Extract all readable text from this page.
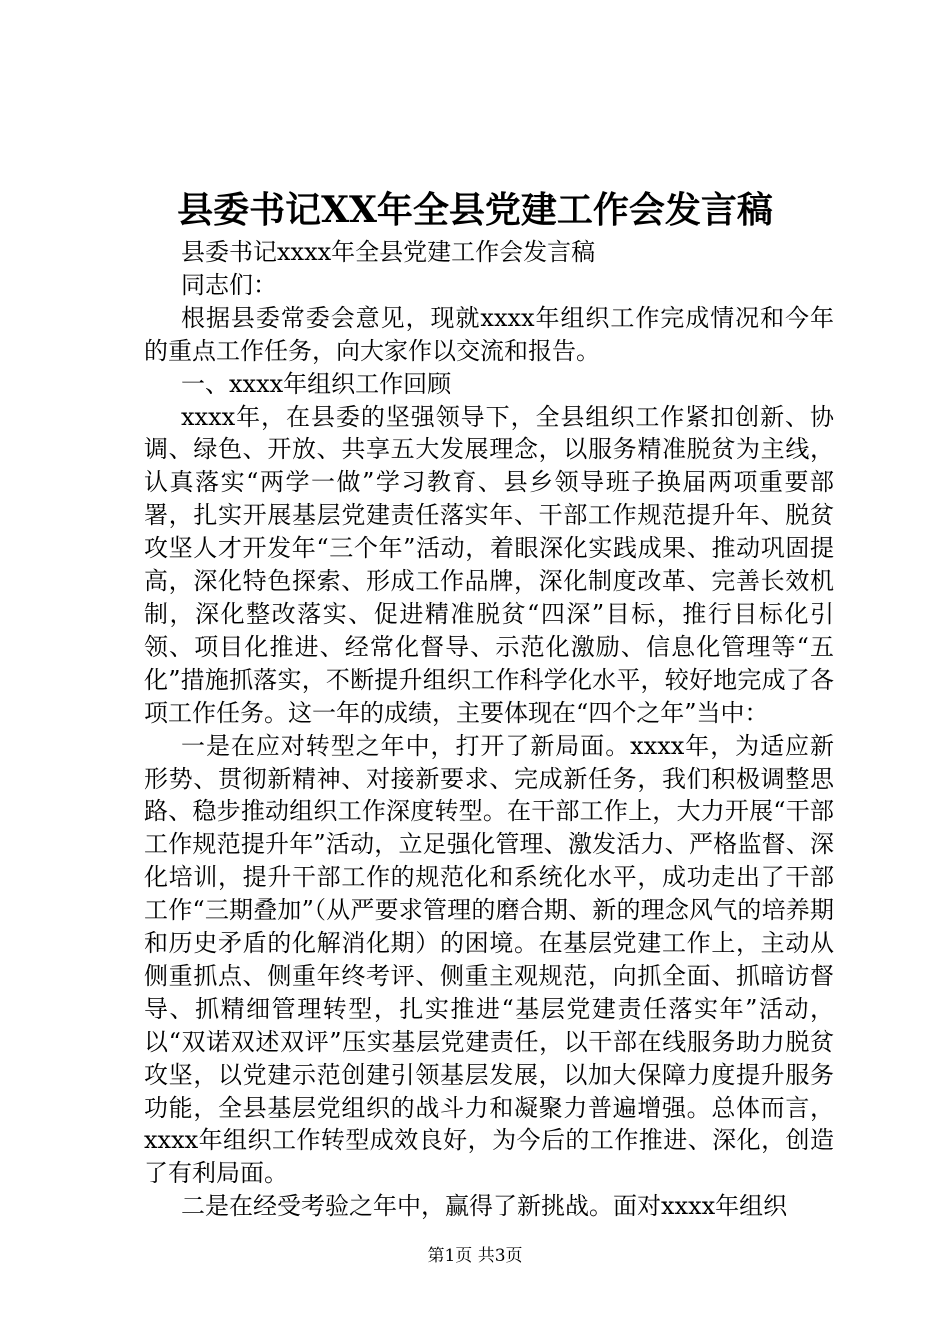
县委书记XX年全县党建工作会发言稿

县委书记xxxx年全县党建工作会发言稿

同志们：

根据县委常委会意见，现就xxxx年组织工作完成情况和今年的重点工作任务，向大家作以交流和报告。

一、xxxx年组织工作回顾

xxxx年，在县委的坚强领导下，全县组织工作紧扣创新、协调、绿色、开放、共享五大发展理念，以服务精准脱贫为主线，认真落实“两学一做”学习教育、县乡领导班子换届两项重要部署，扎实开展基层党建责任落实年、干部工作规范提升年、脱贫攻坚人才开发年“三个年”活动，着眼深化实践成果、推动巩固提高，深化特色探索、形成工作品牌，深化制度改革、完善长效机制，深化整改落实、促进精准脱贫“四深”目标，推行目标化引领、项目化推进、经常化督导、示范化激励、信息化管理等“五化”措施抓落实，不断提升组织工作科学化水平，较好地完成了各项工作任务。这一年的成绩，主要体现在“四个之年”当中：

一是在应对转型之年中，打开了新局面。xxxx年，为适应新形势、贯彻新精神、对接新要求、完成新任务，我们积极调整思路、稳步推动组织工作深度转型。在干部工作上，大力开展“干部工作规范提升年”活动，立足强化管理、激发活力、严格监督、深化培训，提升干部工作的规范化和系统化水平，成功走出了干部工作“三期叠加”（从严要求管理的磨合期、新的理念风气的培养期和历史矛盾的化解消化期）的困境。在基层党建工作上，主动从侧重抓点、侧重年终考评、侧重主观规范，向抓全面、抓暗访督导、抓精细管理转型，扎实推进“基层党建责任落实年”活动，以“双诺双述双评”压实基层党建责任，以干部在线服务助力脱贫攻坚，以党建示范创建引领基层发展，以加大保障力度提升服务功能，全县基层党组织的战斗力和凝聚力普遍增强。总体而言，xxxx年组织工作转型成效良好，为今后的工作推进、深化，创造了有利局面。

二是在经受考验之年中，赢得了新挑战。面对xxxx年组织

第1页 共3页
